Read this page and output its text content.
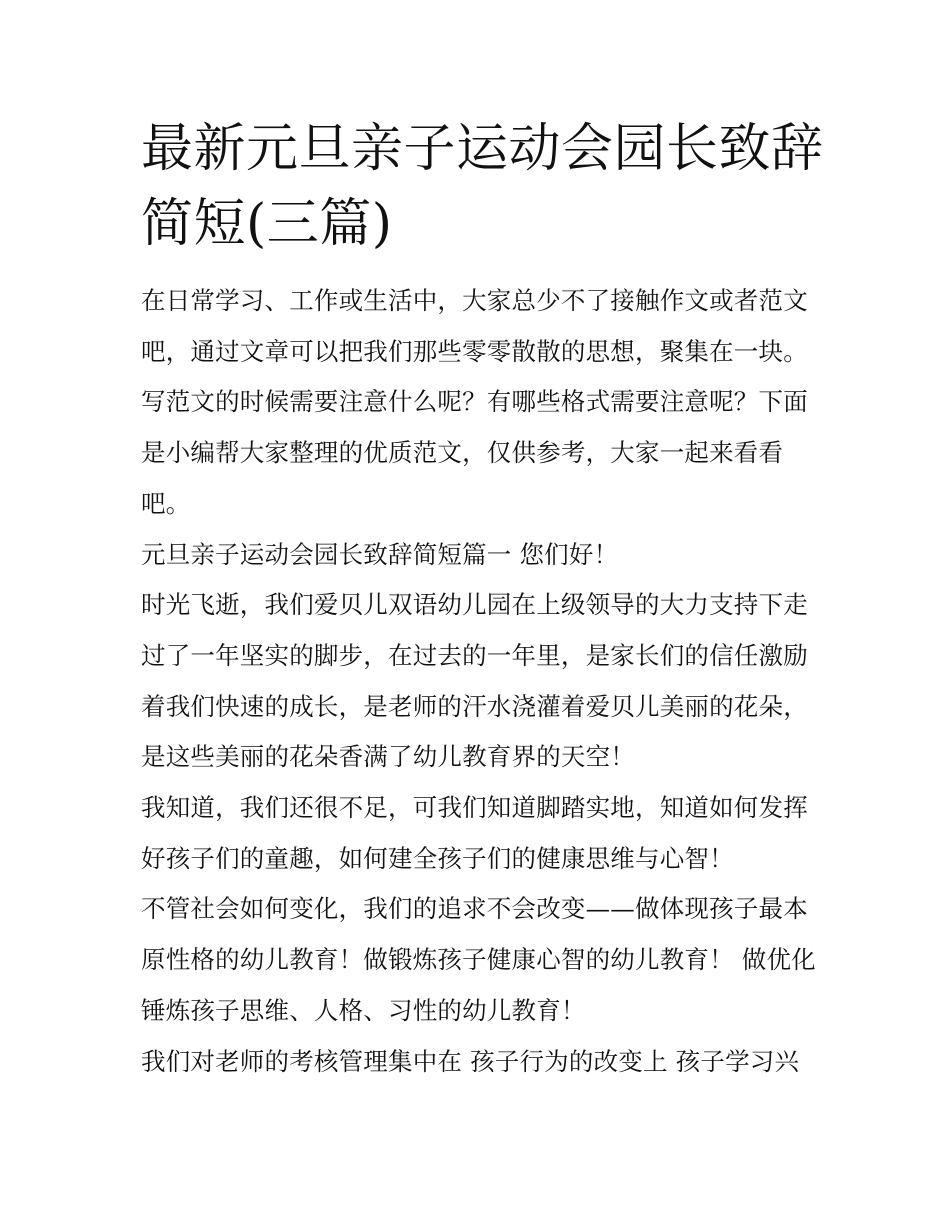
最新元旦亲子运动会园长致辞
简短(三篇)

在日常学习、工作或生活中，大家总少不了接触作文或者范文吧，通过文章可以把我们那些零零散散的思想，聚集在一块。写范文的时候需要注意什么呢？有哪些格式需要注意呢？下面是小编帮大家整理的优质范文，仅供参考，大家一起来看看吧。

元旦亲子运动会园长致辞简短篇一 您们好！

时光飞逝，我们爱贝儿双语幼儿园在上级领导的大力支持下走过了一年坚实的脚步，在过去的一年里，是家长们的信任激励着我们快速的成长，是老师的汗水浇灌着爱贝儿美丽的花朵，是这些美丽的花朵香满了幼儿教育界的天空！

我知道，我们还很不足，可我们知道脚踏实地，知道如何发挥好孩子们的童趣，如何建全孩子们的健康思维与心智！

不管社会如何变化，我们的追求不会改变——做体现孩子最本原性格的幼儿教育！做锻炼孩子健康心智的幼儿教育！ 做优化锤炼孩子思维、人格、习性的幼儿教育！

我们对老师的考核管理集中在 孩子行为的改变上 孩子学习兴
